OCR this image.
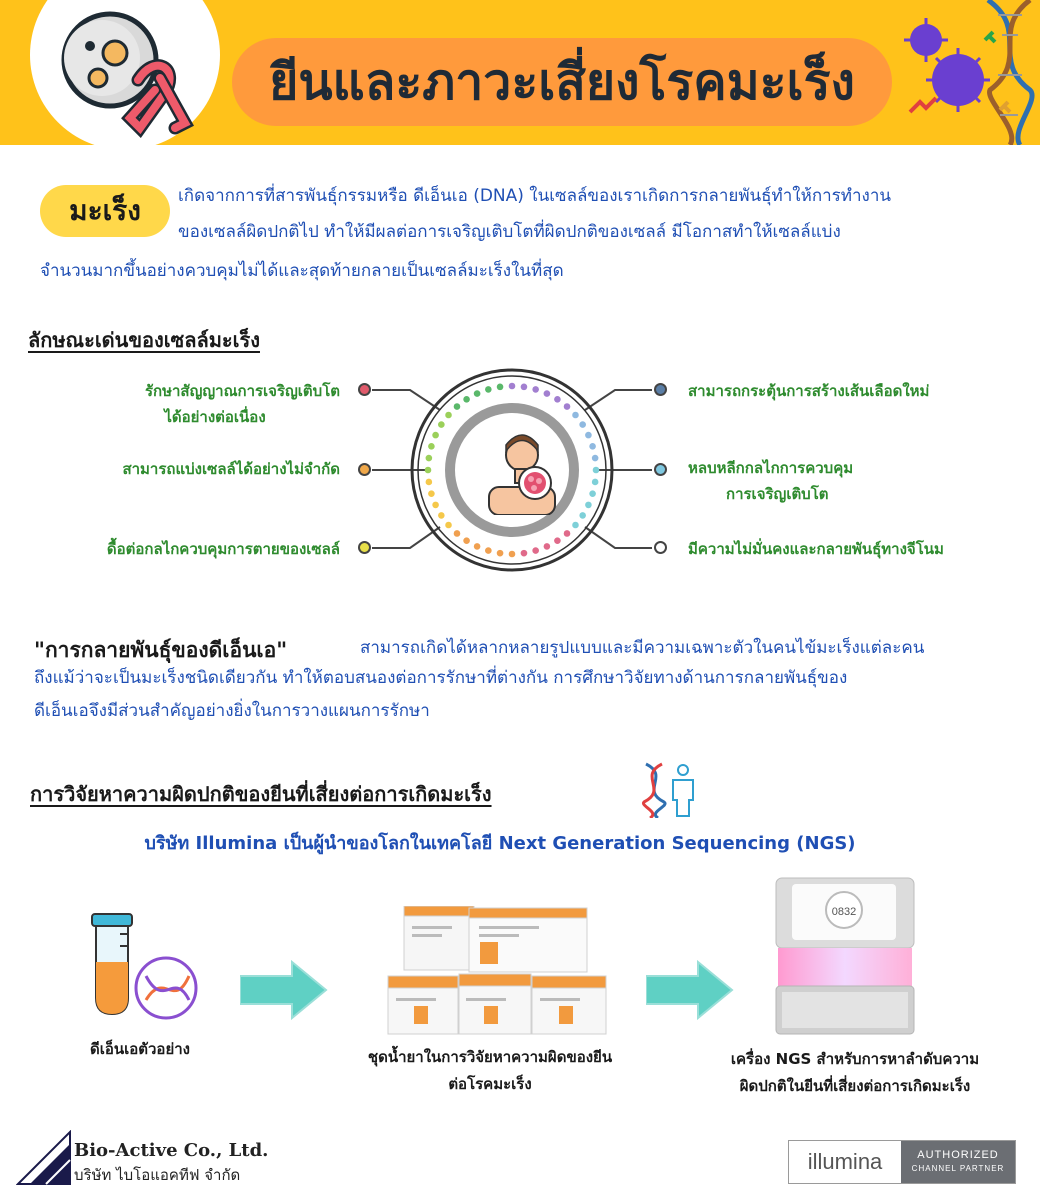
ยีนและภาวะเสี่ยงโรคมะเร็ง
มะเร็ง	เกิดจากการที่สารพันธุ์กรรมหรือ ดีเอ็นเอ (DNA) ในเซลล์ของเราเกิดการกลายพันธุ์ทำให้การทำงาน
ของเซลล์ผิดปกติไป ทำให้มีผลต่อการเจริญเติบโตที่ผิดปกติของเซลล์ มีโอกาสทำให้เซลล์แบ่ง
จำนวนมากขึ้นอย่างควบคุมไม่ได้และสุดท้ายกลายเป็นเซลล์มะเร็งในที่สุด
ลักษณะเด่นของเซลล์มะเร็ง
รักษาสัญญาณการเจริญเติบโต
ได้อย่างต่อเนื่อง
สามารถแบ่งเซลล์ได้อย่างไม่จำกัด
ดื้อต่อกลไกควบคุมการตายของเซลล์
สามารถกระตุ้นการสร้างเส้นเลือดใหม่
หลบหลีกกลไกการควบคุม
การเจริญเติบโต
มีความไม่มั่นคงและกลายพันธุ์ทางจีโนม
"การกลายพันธุ์ของดีเอ็นเอ"	สามารถเกิดได้หลากหลายรูปแบบและมีความเฉพาะตัวในคนไข้มะเร็งแต่ละคน
ถึงแม้ว่าจะเป็นมะเร็งชนิดเดียวกัน ทำให้ตอบสนองต่อการรักษาที่ต่างกัน การศึกษาวิจัยทางด้านการกลายพันธุ์ของ
ดีเอ็นเอจึงมีส่วนสำคัญอย่างยิ่งในการวางแผนการรักษา
การวิจัยหาความผิดปกติของยีนที่เสี่ยงต่อการเกิดมะเร็ง
บริษัท Illumina เป็นผู้นำของโลกในเทคโลยี Next Generation Sequencing (NGS)
0832
ดีเอ็นเอตัวอย่าง	ชุดน้ำยาในการวิจัยหาความผิดของยีน
ต่อโรคมะเร็ง
เครื่อง NGS สำหรับการหาลำดับความ
ผิดปกติในยีนที่เสี่ยงต่อการเกิดมะเร็ง
Bio-Active Co., Ltd.
บริษัท ไบโอแอคทีฟ จำกัด
illumina	AUTHORIZED
CHANNEL PARTNER
